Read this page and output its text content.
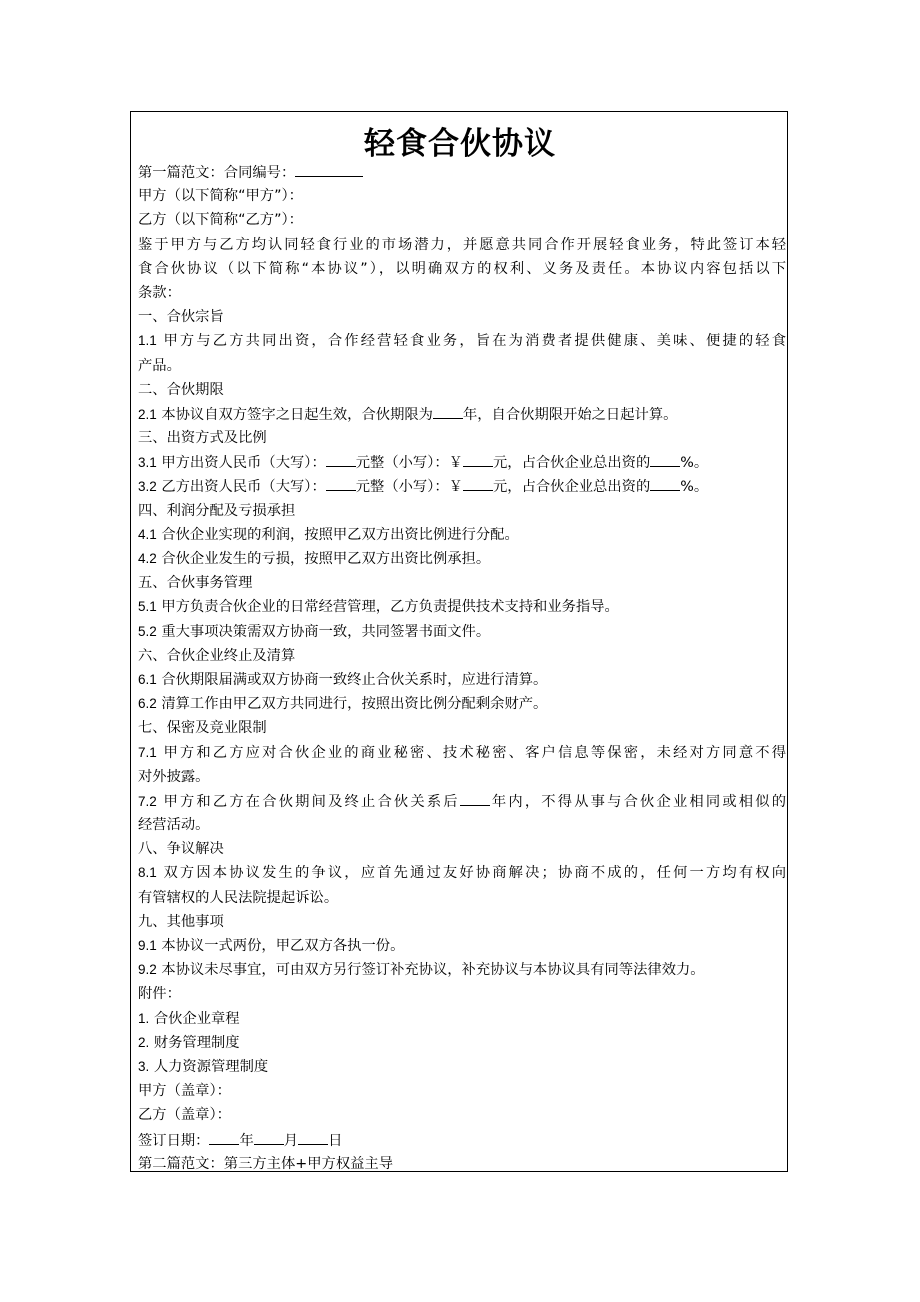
轻食合伙协议
第一篇范文：合同编号：
甲方（以下简称“甲方”）：
乙方（以下简称“乙方”）：
鉴于甲方与乙方均认同轻食行业的市场潜力，并愿意共同合作开展轻食业务，特此签订本轻
食合伙协议（以下简称“本协议”），以明确双方的权利、义务及责任。本协议内容包括以下
条款：
一、合伙宗旨
1.1 甲方与乙方共同出资，合作经营轻食业务，旨在为消费者提供健康、美味、便捷的轻食
产品。
二、合伙期限
2.1 本协议自双方签字之日起生效，合伙期限为 年，自合伙期限开始之日起计算。
三、出资方式及比例
3.1 甲方出资人民币（大写）： 元整（小写）：￥ 元，占合伙企业总出资的 %。
3.2 乙方出资人民币（大写）： 元整（小写）：￥ 元，占合伙企业总出资的 %。
四、利润分配及亏损承担
4.1 合伙企业实现的利润，按照甲乙双方出资比例进行分配。
4.2 合伙企业发生的亏损，按照甲乙双方出资比例承担。
五、合伙事务管理
5.1 甲方负责合伙企业的日常经营管理，乙方负责提供技术支持和业务指导。
5.2 重大事项决策需双方协商一致，共同签署书面文件。
六、合伙企业终止及清算
6.1 合伙期限届满或双方协商一致终止合伙关系时，应进行清算。
6.2 清算工作由甲乙双方共同进行，按照出资比例分配剩余财产。
七、保密及竞业限制
7.1 甲方和乙方应对合伙企业的商业秘密、技术秘密、客户信息等保密，未经对方同意不得
对外披露。
7.2 甲方和乙方在合伙期间及终止合伙关系后 年内，不得从事与合伙企业相同或相似的
经营活动。
八、争议解决
8.1 双方因本协议发生的争议，应首先通过友好协商解决；协商不成的，任何一方均有权向
有管辖权的人民法院提起诉讼。
九、其他事项
9.1 本协议一式两份，甲乙双方各执一份。
9.2 本协议未尽事宜，可由双方另行签订补充协议，补充协议与本协议具有同等法律效力。
附件：
1. 合伙企业章程
2. 财务管理制度
3. 人力资源管理制度
甲方（盖章）：
乙方（盖章）：
签订日期： 年 月 日
第二篇范文：第三方主体+甲方权益主导
